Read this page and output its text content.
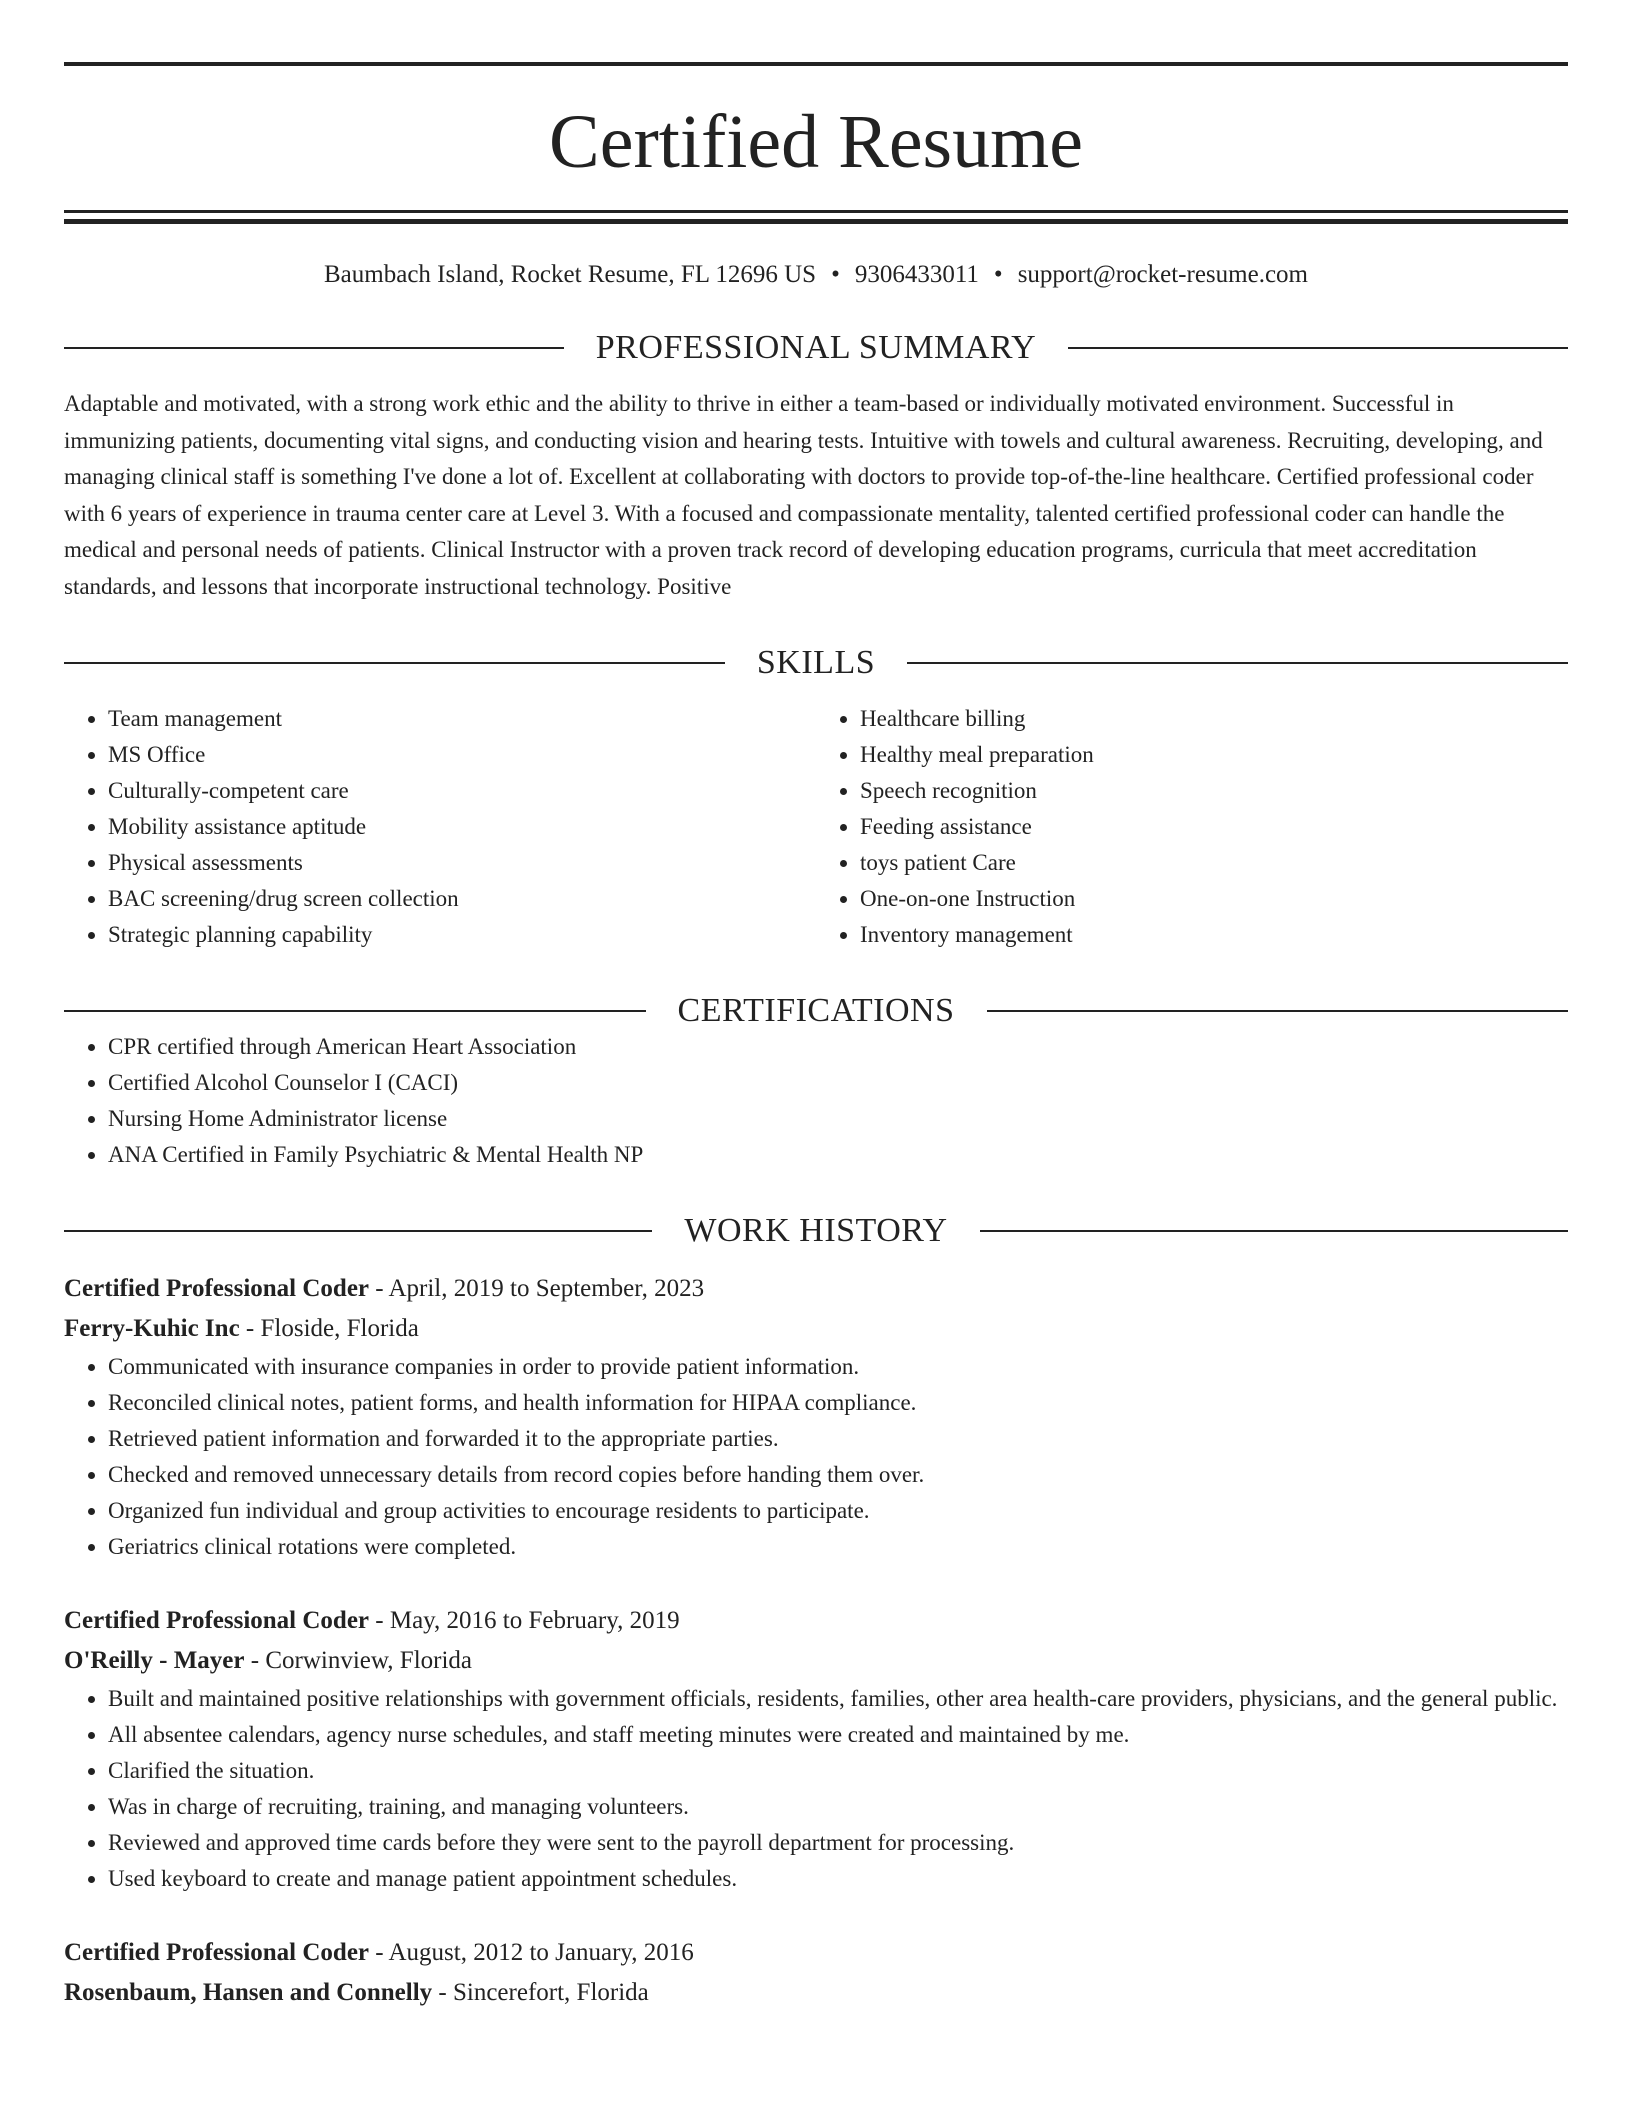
Certified Resume
Baumbach Island, Rocket Resume, FL 12696 US • 9306433011 • support@rocket-resume.com
PROFESSIONAL SUMMARY

Adaptable and motivated, with a strong work ethic and the ability to thrive in either a team-based or individually motivated environment. Successful in immunizing patients, documenting vital signs, and conducting vision and hearing tests. Intuitive with towels and cultural awareness. Recruiting, developing, and managing clinical staff is something I've done a lot of. Excellent at collaborating with doctors to provide top-of-the-line healthcare. Certified professional coder with 6 years of experience in trauma center care at Level 3. With a focused and compassionate mentality, talented certified professional coder can handle the medical and personal needs of patients. Clinical Instructor with a proven track record of developing education programs, curricula that meet accreditation standards, and lessons that incorporate instructional technology. Positive

SKILLS
• Team management
• MS Office
• Culturally-competent care
• Mobility assistance aptitude
• Physical assessments
• BAC screening/drug screen collection
• Strategic planning capability
• Healthcare billing
• Healthy meal preparation
• Speech recognition
• Feeding assistance
• toys patient Care
• One-on-one Instruction
• Inventory management
CERTIFICATIONS
• CPR certified through American Heart Association
• Certified Alcohol Counselor I (CACI)
• Nursing Home Administrator license
• ANA Certified in Family Psychiatric & Mental Health NP
WORK HISTORY

Certified Professional Coder - April, 2019 to September, 2023

Ferry-Kuhic Inc - Floside, Florida

• Communicated with insurance companies in order to provide patient information.
• Reconciled clinical notes, patient forms, and health information for HIPAA compliance.
• Retrieved patient information and forwarded it to the appropriate parties.
• Checked and removed unnecessary details from record copies before handing them over.
• Organized fun individual and group activities to encourage residents to participate.
• Geriatrics clinical rotations were completed.

Certified Professional Coder - May, 2016 to February, 2019

O'Reilly - Mayer - Corwinview, Florida

• Built and maintained positive relationships with government officials, residents, families, other area health-care providers, physicians, and the general public.
• All absentee calendars, agency nurse schedules, and staff meeting minutes were created and maintained by me.
• Clarified the situation.
• Was in charge of recruiting, training, and managing volunteers.
• Reviewed and approved time cards before they were sent to the payroll department for processing.
• Used keyboard to create and manage patient appointment schedules.

Certified Professional Coder - August, 2012 to January, 2016

Rosenbaum, Hansen and Connelly - Sincerefort, Florida
